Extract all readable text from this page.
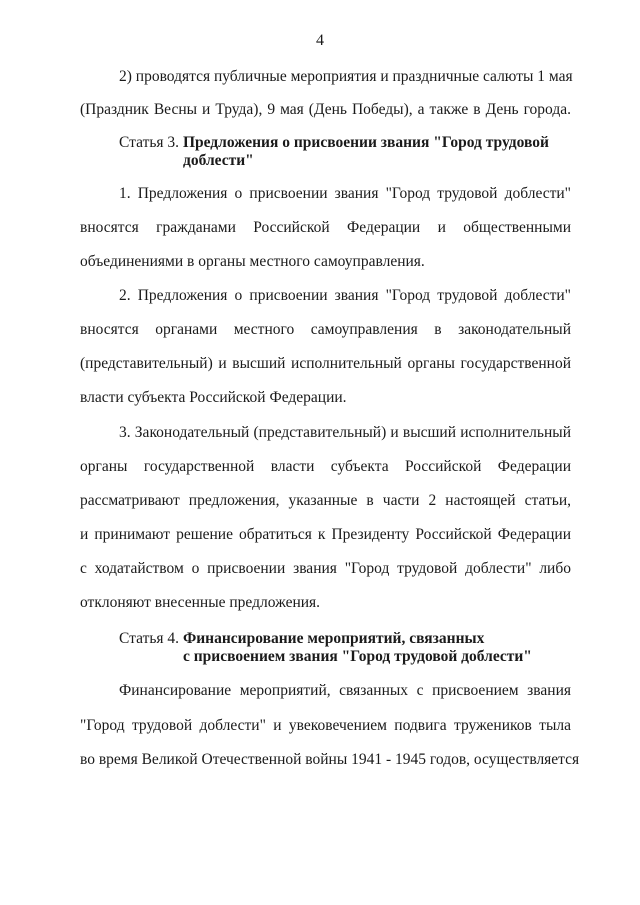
4
2) проводятся публичные мероприятия и праздничные салюты 1 мая
(Праздник Весны и Труда), 9 мая (День Победы), а также в День города.
Статья 3. Предложения о присвоении звания "Город трудовой
доблести"
1. Предложения о присвоении звания "Город трудовой доблести"
вносятся гражданами Российской Федерации и общественными
объединениями в органы местного самоуправления.
2. Предложения о присвоении звания "Город трудовой доблести"
вносятся органами местного самоуправления в законодательный
(представительный) и высший исполнительный органы государственной
власти субъекта Российской Федерации.
3. Законодательный (представительный) и высший исполнительный
органы государственной власти субъекта Российской Федерации
рассматривают предложения, указанные в части 2 настоящей статьи,
и принимают решение обратиться к Президенту Российской Федерации
с ходатайством о присвоении звания "Город трудовой доблести" либо
отклоняют внесенные предложения.
Статья 4. Финансирование мероприятий, связанных
с присвоением звания "Город трудовой доблести"
Финансирование мероприятий, связанных с присвоением звания
"Город трудовой доблести" и увековечением подвига тружеников тыла
во время Великой Отечественной войны 1941 - 1945 годов, осуществляется
